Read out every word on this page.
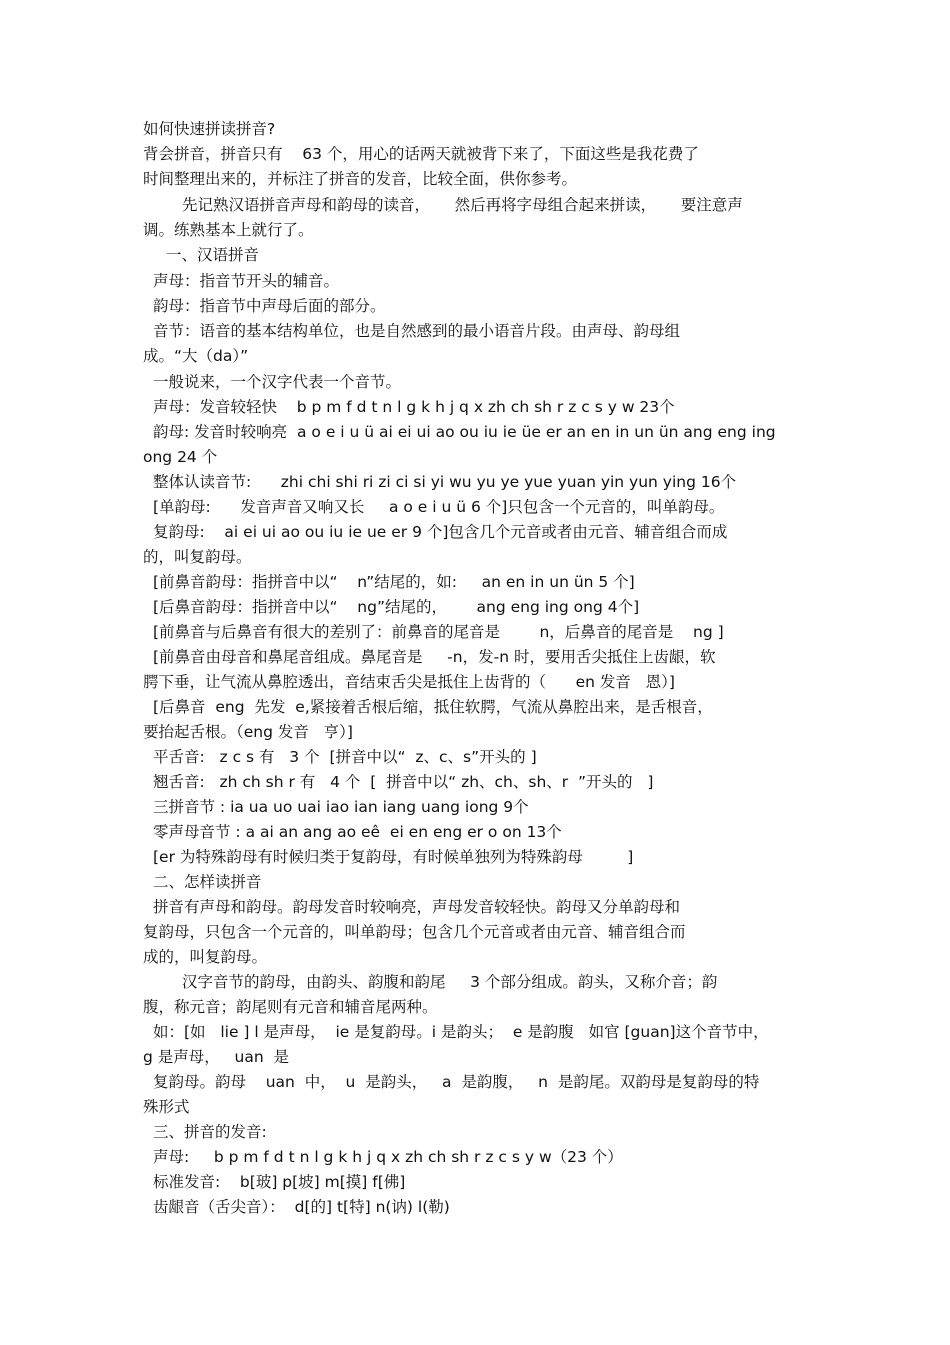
如何快速拼读拼音?
背会拼音，拼音只有    63 个，用心的话两天就被背下来了，下面这些是我花费了
时间整理出来的，并标注了拼音的发音，比较全面，供你参考。
先记熟汉语拼音声母和韵母的读音，     然后再将字母组合起来拼读，     要注意声
调。练熟基本上就行了。
一、汉语拼音
声母：指音节开头的辅音。
韵母：指音节中声母后面的部分。
音节：语音的基本结构单位，也是自然感到的最小语音片段。由声母、韵母组
成。“大（da）”
一般说来，一个汉字代表一个音节。
声母：发音较轻快    b p m f d t n l g k h j q x zh ch sh r z c s y w 23个
韵母: 发音时较响亮  a o e i u ü ai ei ui ao ou iu ie üe er an en in un ün ang eng ing
ong 24 个
整体认读音节:      zhi chi shi ri zi ci si yi wu yu ye yue yuan yin yun ying 16个
[单韵母:      发音声音又响又长     a o e i u ü 6 个]只包含一个元音的，叫单韵母。
复韵母:    ai ei ui ao ou iu ie ue er 9 个]包含几个元音或者由元音、辅音组合而成
的，叫复韵母。
[前鼻音韵母：指拼音中以“    n”结尾的，如:     an en in un ün 5 个]
[后鼻音韵母：指拼音中以“    ng”结尾的，      ang eng ing ong 4个]
[前鼻音与后鼻音有很大的差别了：前鼻音的尾音是        n，后鼻音的尾音是    ng ]
[前鼻音由母音和鼻尾音组成。鼻尾音是     -n，发-n 时，要用舌尖抵住上齿龈，软
腭下垂，让气流从鼻腔透出，音结束舌尖是抵住上齿背的（      en 发音   恩）]
[后鼻音  eng  先发  e,紧接着舌根后缩，抵住软腭，气流从鼻腔出来，是舌根音，
要抬起舌根。（eng 发音   亨）]
平舌音:   z c s 有   3 个  [拼音中以“  z、c、s”开头的 ]
翘舌音:   zh ch sh r 有   4 个  [  拼音中以“ zh、ch、sh、r  ”开头的   ]
三拼音节 : ia ua uo uai iao ian iang uang iong 9个
零声母音节 : a ai an ang ao eê  ei en eng er o on 13个
[er 为特殊韵母有时候归类于复韵母，有时候单独列为特殊韵母         ]
二、怎样读拼音
拼音有声母和韵母。韵母发音时较响亮，声母发音较轻快。韵母又分单韵母和
复韵母，只包含一个元音的，叫单韵母；包含几个元音或者由元音、辅音组合而
成的，叫复韵母。
汉字音节的韵母，由韵头、韵腹和韵尾     3 个部分组成。韵头，又称介音；韵
腹，称元音；韵尾则有元音和辅音尾两种。
如：[如   lie ] l 是声母，  ie 是复韵母。i 是韵头；  e 是韵腹   如官 [guan]这个音节中，
g 是声母，   uan  是
复韵母。韵母    uan  中，  u  是韵头，   a  是韵腹，   n  是韵尾。双韵母是复韵母的特
殊形式
三、拼音的发音:
声母:     b p m f d t n l g k h j q x zh ch sh r z c s y w（23 个）
标准发音:    b[玻] p[坡] m[摸] f[佛]
齿龈音（舌尖音）：  d[的] t[特] n(讷) l(勒)
